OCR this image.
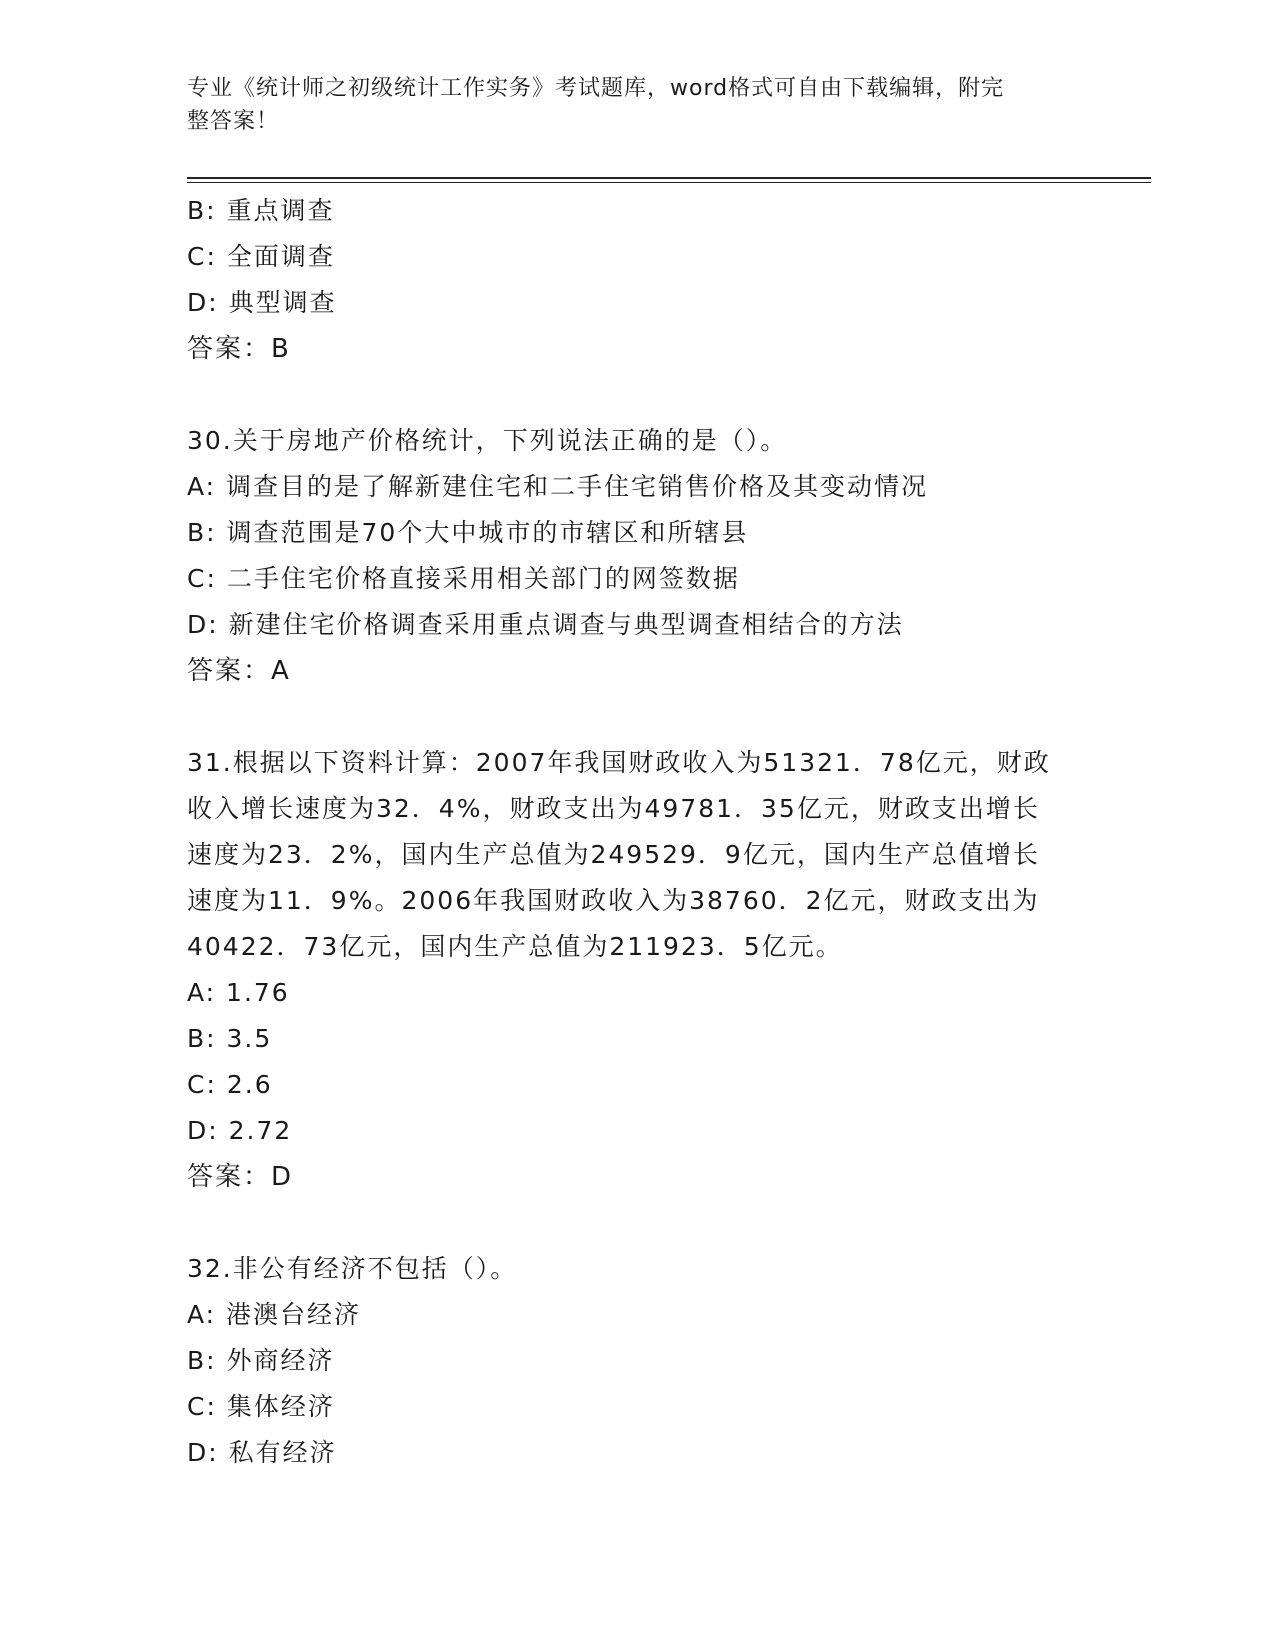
专业《统计师之初级统计工作实务》考试题库，word格式可自由下载编辑，附完
整答案！
B: 重点调查
C: 全面调查
D: 典型调查
答案：B
30.关于房地产价格统计，下列说法正确的是（）。
A: 调查目的是了解新建住宅和二手住宅销售价格及其变动情况
B: 调查范围是70个大中城市的市辖区和所辖县
C: 二手住宅价格直接采用相关部门的网签数据
D: 新建住宅价格调查采用重点调查与典型调查相结合的方法
答案：A
31.根据以下资料计算：2007年我国财政收入为51321．78亿元，财政
收入增长速度为32．4%，财政支出为49781．35亿元，财政支出增长
速度为23．2%，国内生产总值为249529．9亿元，国内生产总值增长
速度为11．9%。2006年我国财政收入为38760．2亿元，财政支出为
40422．73亿元，国内生产总值为211923．5亿元。
A: 1.76
B: 3.5
C: 2.6
D: 2.72
答案：D
32.非公有经济不包括（）。
A: 港澳台经济
B: 外商经济
C: 集体经济
D: 私有经济
